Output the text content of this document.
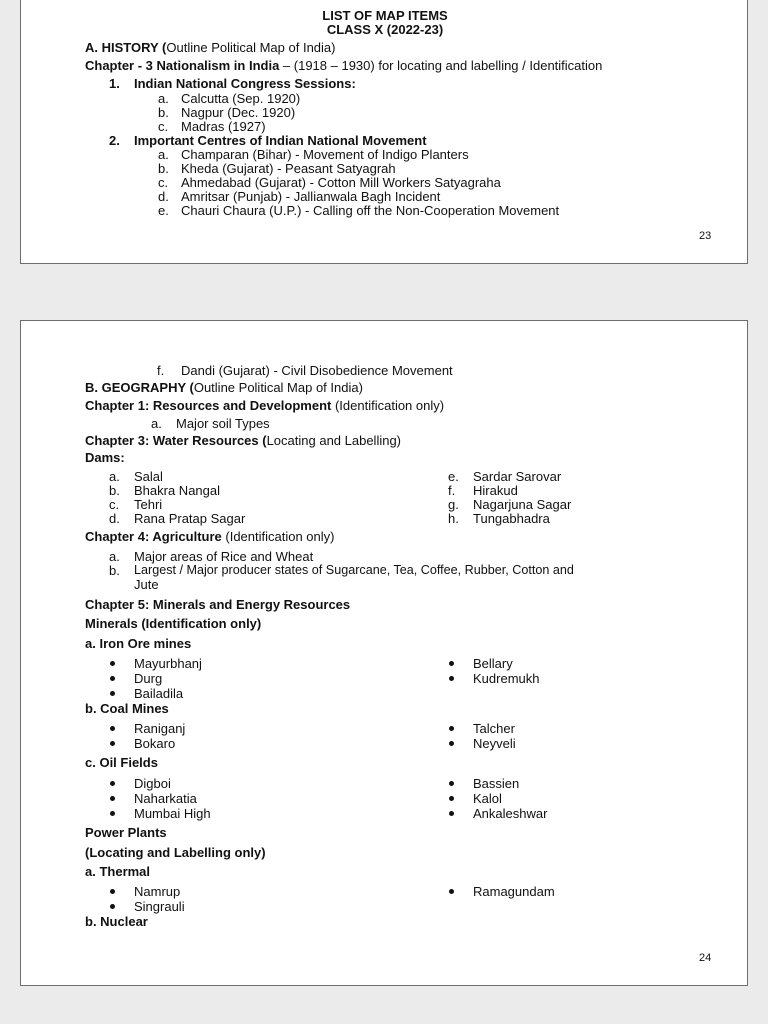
LIST OF MAP ITEMS
CLASS X (2022-23)
A. HISTORY (Outline Political Map of India)
Chapter - 3 Nationalism in India – (1918 – 1930) for locating and labelling / Identification
1. Indian National Congress Sessions:
a. Calcutta (Sep. 1920)
b. Nagpur (Dec. 1920)
c. Madras (1927)
2. Important Centres of Indian National Movement
a. Champaran (Bihar) - Movement of Indigo Planters
b. Kheda (Gujarat) - Peasant Satyagrah
c. Ahmedabad (Gujarat) - Cotton Mill Workers Satyagraha
d. Amritsar (Punjab) - Jallianwala Bagh Incident
e. Chauri Chaura (U.P.) - Calling off the Non-Cooperation Movement
23
f. Dandi (Gujarat) - Civil Disobedience Movement
B. GEOGRAPHY (Outline Political Map of India)
Chapter 1: Resources and Development (Identification only)
a. Major soil Types
Chapter 3: Water Resources (Locating and Labelling)
Dams:
a. Salal
b. Bhakra Nangal
c. Tehri
d. Rana Pratap Sagar
e. Sardar Sarovar
f. Hirakud
g. Nagarjuna Sagar
h. Tungabhadra
Chapter 4: Agriculture (Identification only)
a. Major areas of Rice and Wheat
b. Largest / Major producer states of Sugarcane, Tea, Coffee, Rubber, Cotton and
Jute
Chapter 5: Minerals and Energy Resources
Minerals (Identification only)
a. Iron Ore mines
Mayurbhanj
Durg
Bailadila
Bellary
Kudremukh
b. Coal Mines
Raniganj
Bokaro
Talcher
Neyveli
c. Oil Fields
Digboi
Naharkatia
Mumbai High
Bassien
Kalol
Ankaleshwar
Power Plants
(Locating and Labelling only)
a. Thermal
Namrup
Singrauli
Ramagundam
b. Nuclear
24
